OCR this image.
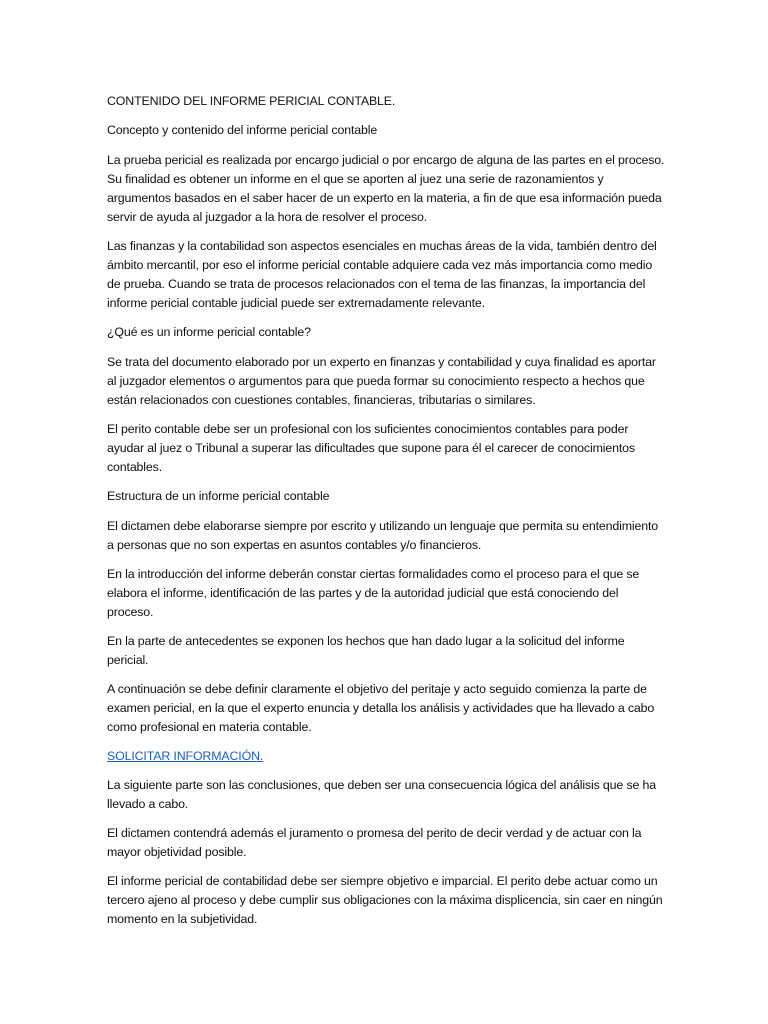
CONTENIDO DEL INFORME PERICIAL CONTABLE.

Concepto y contenido del informe pericial contable

La prueba pericial es realizada por encargo judicial o por encargo de alguna de las partes en el proceso. Su finalidad es obtener un informe en el que se aporten al juez una serie de razonamientos y argumentos basados en el saber hacer de un experto en la materia, a fin de que esa información pueda servir de ayuda al juzgador a la hora de resolver el proceso.

Las finanzas y la contabilidad son aspectos esenciales en muchas áreas de la vida, también dentro del ámbito mercantil, por eso el informe pericial contable adquiere cada vez más importancia como medio de prueba. Cuando se trata de procesos relacionados con el tema de las finanzas, la importancia del informe pericial contable judicial puede ser extremadamente relevante.

¿Qué es un informe pericial contable?

Se trata del documento elaborado por un experto en finanzas y contabilidad y cuya finalidad es aportar al juzgador elementos o argumentos para que pueda formar su conocimiento respecto a hechos que están relacionados con cuestiones contables, financieras, tributarias o similares.

El perito contable debe ser un profesional con los suficientes conocimientos contables para poder ayudar al juez o Tribunal a superar las dificultades que supone para él el carecer de conocimientos contables.

Estructura de un informe pericial contable

El dictamen debe elaborarse siempre por escrito y utilizando un lenguaje que permita su entendimiento a personas que no son expertas en asuntos contables y/o financieros.

En la introducción del informe deberán constar ciertas formalidades como el proceso para el que se elabora el informe, identificación de las partes y de la autoridad judicial que está conociendo del proceso.

En la parte de antecedentes se exponen los hechos que han dado lugar a la solicitud del informe pericial.

A continuación se debe definir claramente el objetivo del peritaje y acto seguido comienza la parte de examen pericial, en la que el experto enuncia y detalla los análisis y actividades que ha llevado a cabo como profesional en materia contable.

SOLICITAR INFORMACIÓN.

La siguiente parte son las conclusiones, que deben ser una consecuencia lógica del análisis que se ha llevado a cabo.

El dictamen contendrá además el juramento o promesa del perito de decir verdad y de actuar con la mayor objetividad posible.

El informe pericial de contabilidad debe ser siempre objetivo e imparcial. El perito debe actuar como un tercero ajeno al proceso y debe cumplir sus obligaciones con la máxima displicencia, sin caer en ningún momento en la subjetividad.
